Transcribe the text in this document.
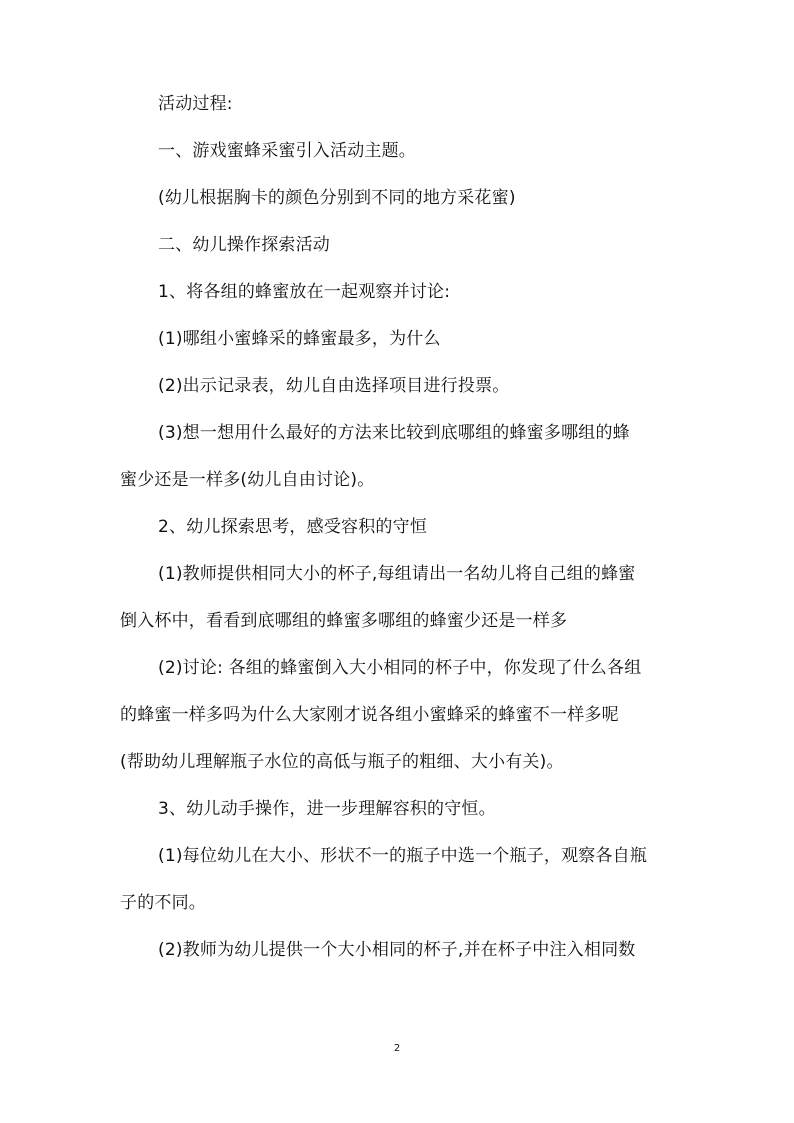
活动过程:

一、游戏蜜蜂采蜜引入活动主题。

(幼儿根据胸卡的颜色分别到不同的地方采花蜜)

二、幼儿操作探索活动

1、将各组的蜂蜜放在一起观察并讨论:

(1)哪组小蜜蜂采的蜂蜜最多，为什么

(2)出示记录表，幼儿自由选择项目进行投票。

(3)想一想用什么最好的方法来比较到底哪组的蜂蜜多哪组的蜂

蜜少还是一样多(幼儿自由讨论)。

2、幼儿探索思考，感受容积的守恒

(1)教师提供相同大小的杯子,每组请出一名幼儿将自己组的蜂蜜

倒入杯中，看看到底哪组的蜂蜜多哪组的蜂蜜少还是一样多

(2)讨论: 各组的蜂蜜倒入大小相同的杯子中，你发现了什么各组

的蜂蜜一样多吗为什么大家刚才说各组小蜜蜂采的蜂蜜不一样多呢

(帮助幼儿理解瓶子水位的高低与瓶子的粗细、大小有关)。

3、幼儿动手操作，进一步理解容积的守恒。

(1)每位幼儿在大小、形状不一的瓶子中选一个瓶子，观察各自瓶

子的不同。

(2)教师为幼儿提供一个大小相同的杯子,并在杯子中注入相同数

2
